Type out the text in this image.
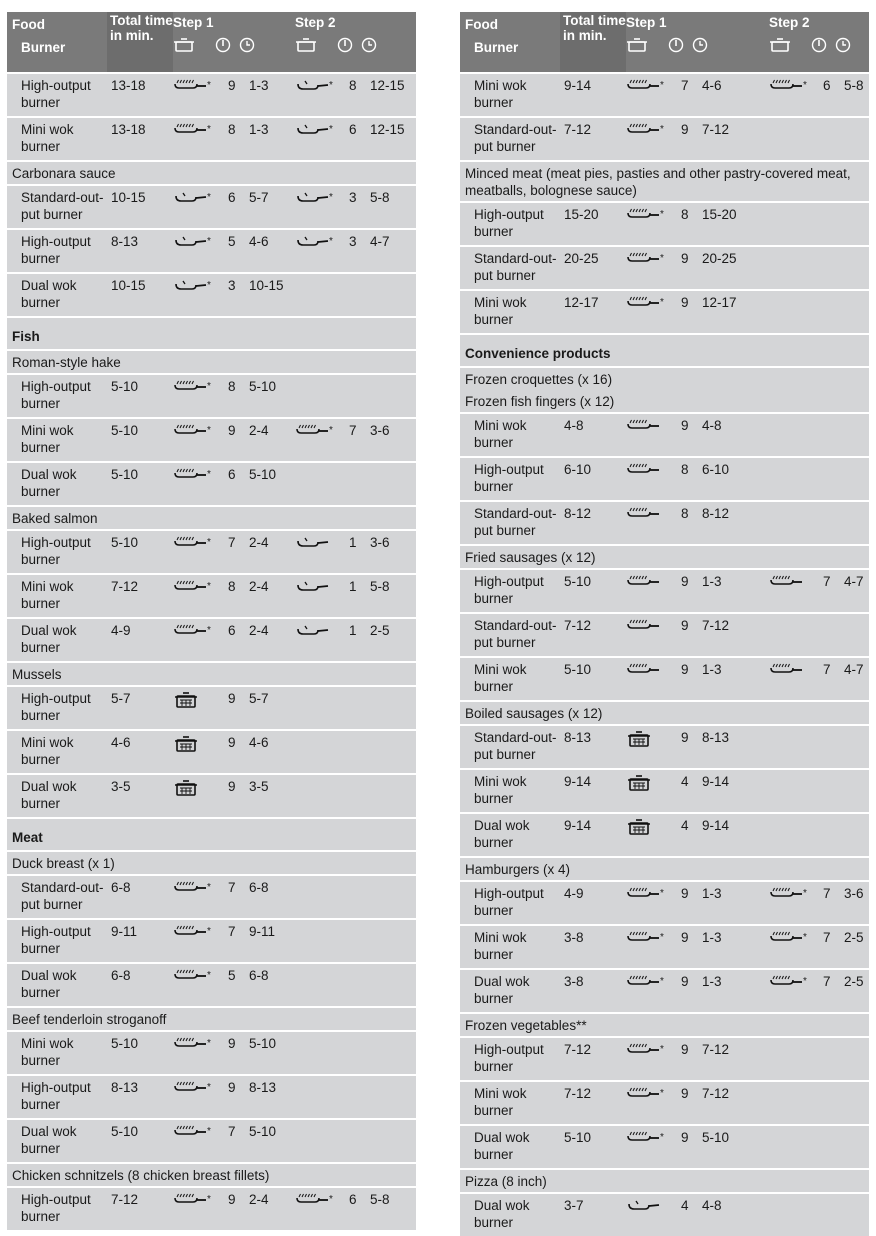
Food
Burner	Total time in min.	Step 1			Step 2		

High-output burner	13-18	*	9	1-3	*	8	12-15
Mini wok burner	13-18	*	8	1-3	*	6	12-15
Carbonara sauce							
Standard-out-put burner	10-15	*	6	5-7	*	3	5-8
High-output burner	8-13	*	5	4-6	*	3	4-7
Dual wok burner	10-15	*	3	10-15			
Fish							
Roman-style hake							
High-output burner	5-10	*	8	5-10			
Mini wok burner	5-10	*	9	2-4	*	7	3-6
Dual wok burner	5-10	*	6	5-10			
Baked salmon							
High-output burner	5-10	*	7	2-4		1	3-6
Mini wok burner	7-12	*	8	2-4		1	5-8
Dual wok burner	4-9	*	6	2-4		1	2-5
Mussels							
High-output burner	5-7		9	5-7			
Mini wok burner	4-6		9	4-6			
Dual wok burner	3-5		9	3-5			
Meat							
Duck breast (x 1)							
Standard-out-put burner	6-8	*	7	6-8			
High-output burner	9-11	*	7	9-11			
Dual wok burner	6-8	*	5	6-8			
Beef tenderloin stroganoff							
Mini wok burner	5-10	*	9	5-10			
High-output burner	8-13	*	9	8-13			
Dual wok burner	5-10	*	7	5-10			
Chicken schnitzels (8 chicken breast fillets)							
High-output burner	7-12	*	9	2-4	*	6	5-8
Food
Burner	Total time in min.	Step 1			Step 2		

Mini wok burner	9-14	*	7	4-6	*	6	5-8
Standard-out-put burner	7-12	*	9	7-12			
Minced meat (meat pies, pasties and other pastry-covered meat, meatballs, bolognese sauce)							
High-output burner	15-20	*	8	15-20			
Standard-out-put burner	20-25	*	9	20-25			
Mini wok burner	12-17	*	9	12-17			
Convenience products							
Frozen croquettes (x 16)							
Frozen fish fingers (x 12)							
Mini wok burner	4-8		9	4-8			
High-output burner	6-10		8	6-10			
Standard-out-put burner	8-12		8	8-12			
Fried sausages (x 12)							
High-output burner	5-10		9	1-3		7	4-7
Standard-out-put burner	7-12		9	7-12			
Mini wok burner	5-10		9	1-3		7	4-7
Boiled sausages (x 12)							
Standard-out-put burner	8-13		9	8-13			
Mini wok burner	9-14		4	9-14			
Dual wok burner	9-14		4	9-14			
Hamburgers (x 4)							
High-output burner	4-9	*	9	1-3	*	7	3-6
Mini wok burner	3-8	*	9	1-3	*	7	2-5
Dual wok burner	3-8	*	9	1-3	*	7	2-5
Frozen vegetables**							
High-output burner	7-12	*	9	7-12			
Mini wok burner	7-12	*	9	7-12			
Dual wok burner	5-10	*	9	5-10			
Pizza (8 inch)							
Dual wok burner	3-7		4	4-8			
